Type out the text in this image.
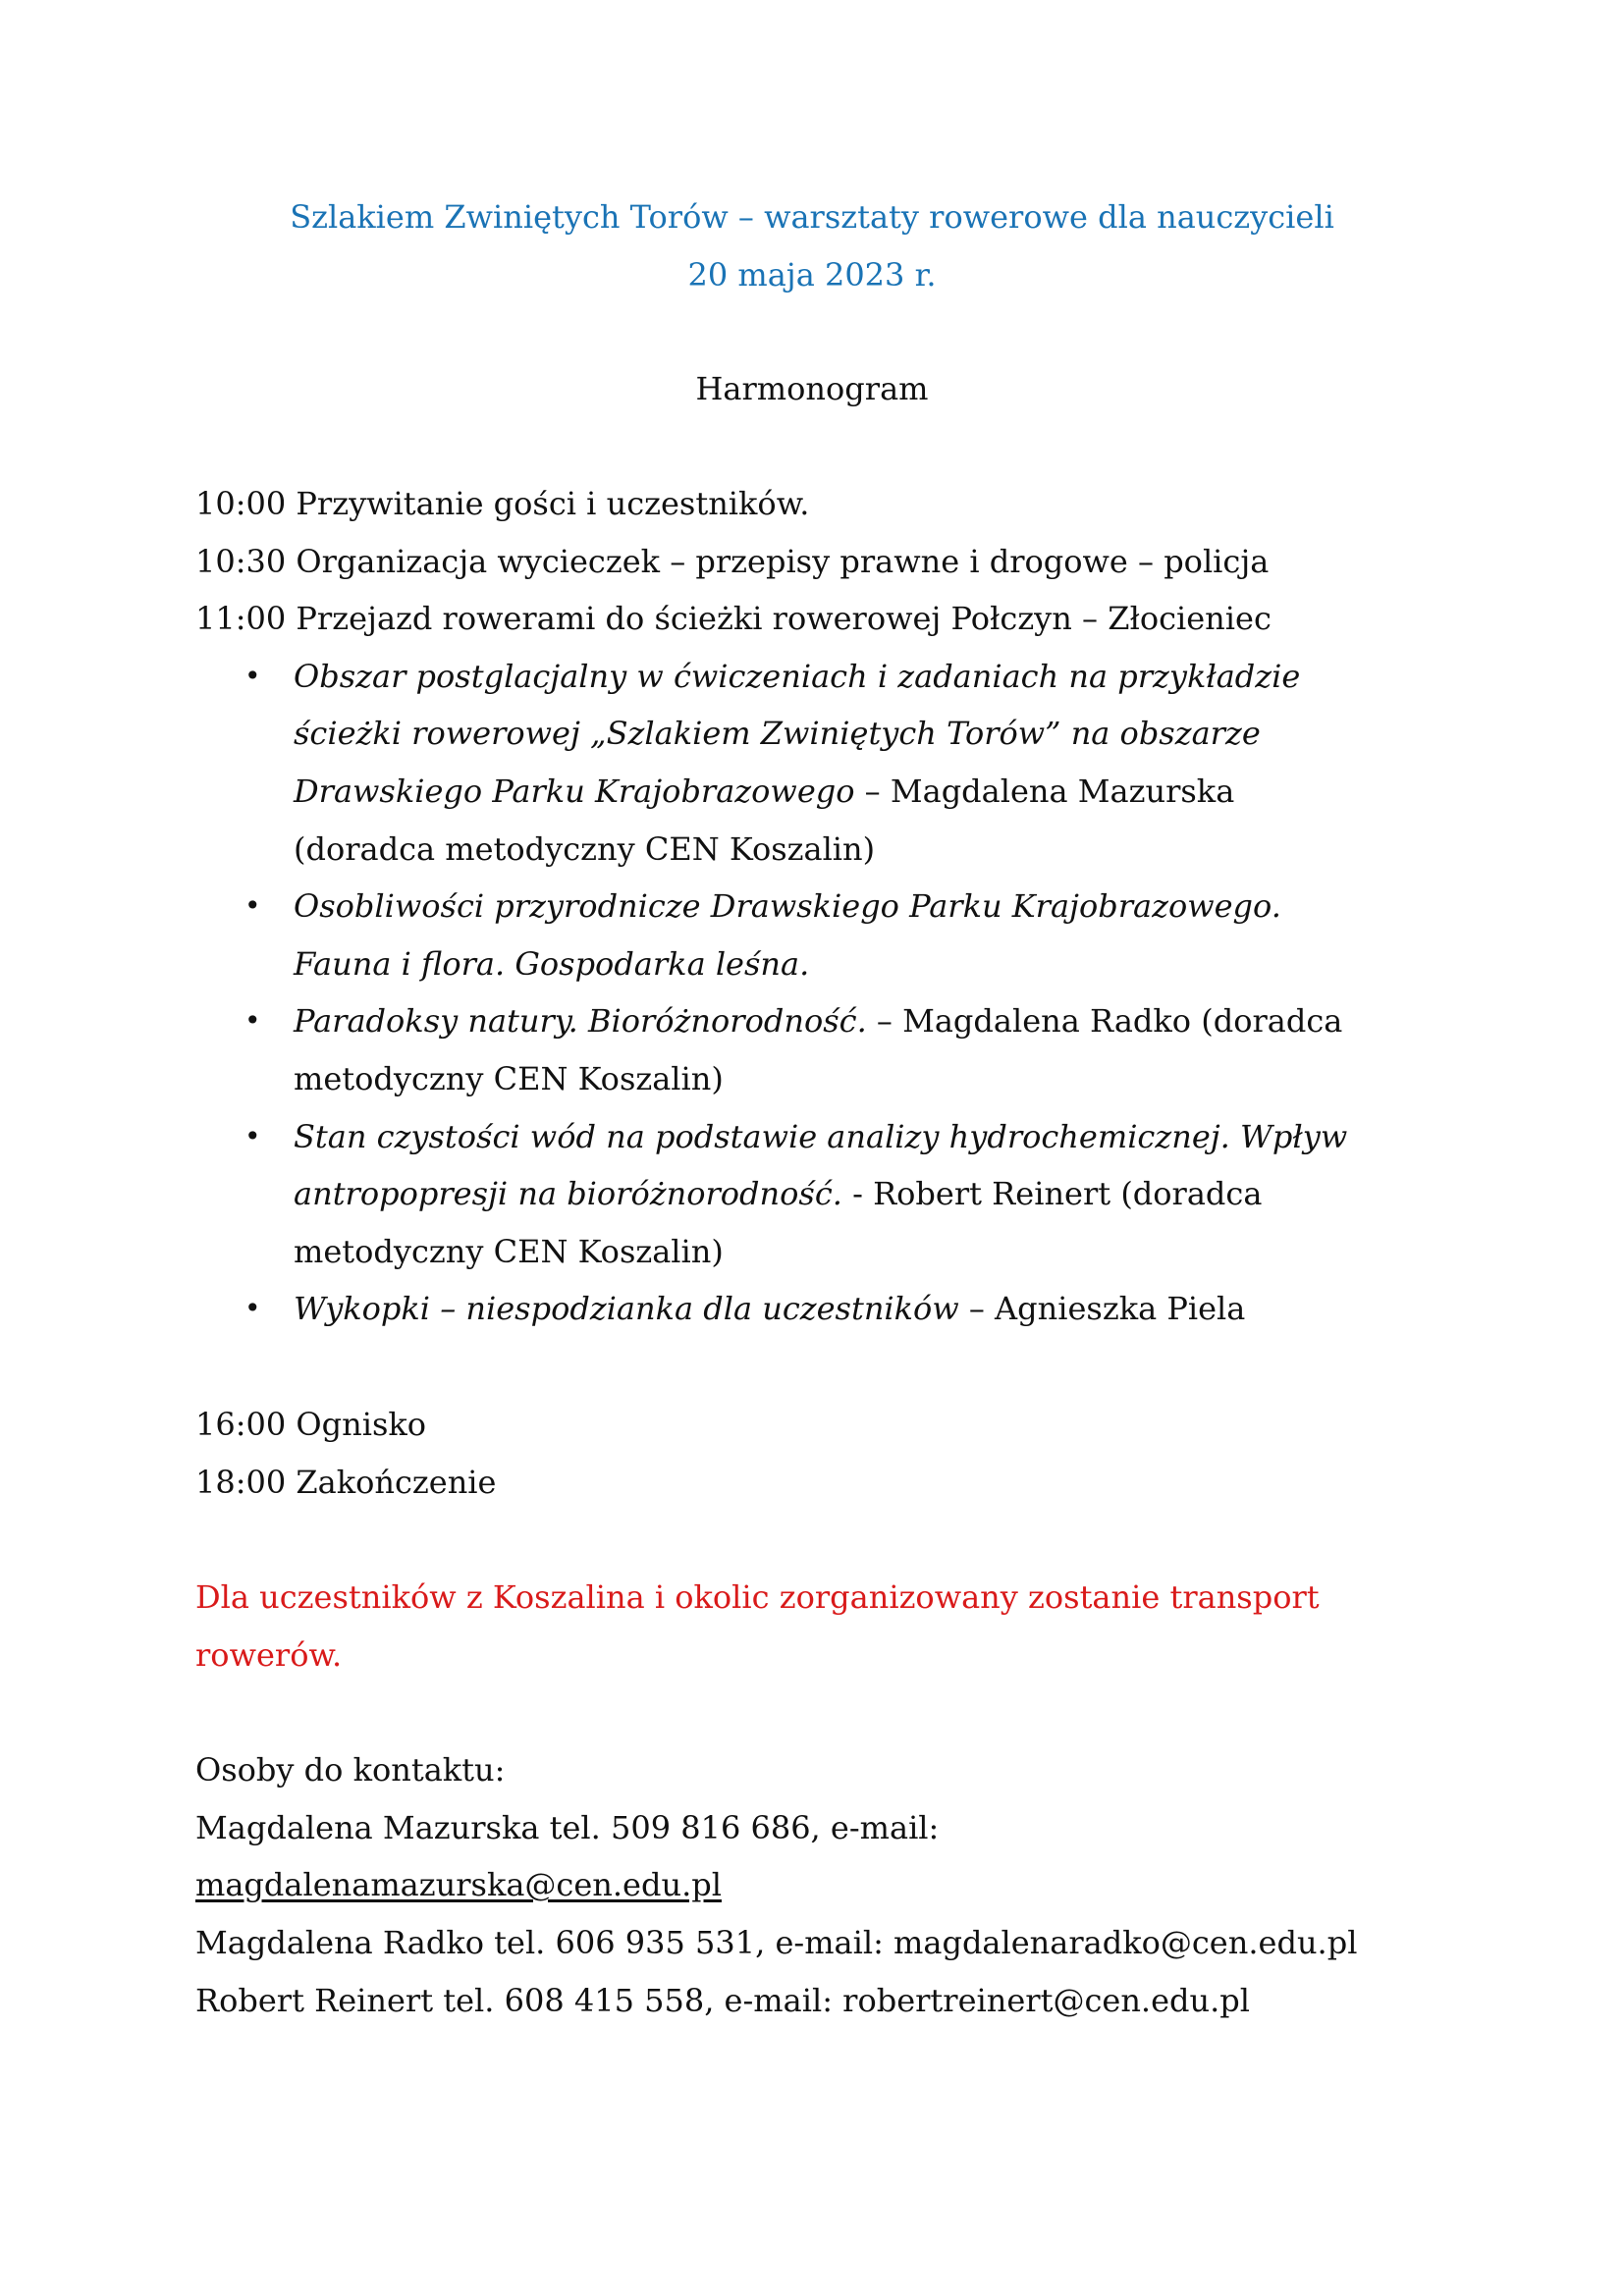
Szlakiem Zwiniętych Torów – warsztaty rowerowe dla nauczycieli
20 maja 2023 r.
Harmonogram
10:00 Przywitanie gości i uczestników.
10:30 Organizacja wycieczek – przepisy prawne i drogowe – policja
11:00 Przejazd rowerami do ścieżki rowerowej Połczyn – Złocieniec
• Obszar postglacjalny w ćwiczeniach i zadaniach na przykładzie
ścieżki rowerowej „Szlakiem Zwiniętych Torów” na obszarze
Drawskiego Parku Krajobrazowego – Magdalena Mazurska
(doradca metodyczny CEN Koszalin)
• Osobliwości przyrodnicze Drawskiego Parku Krajobrazowego.
Fauna i flora. Gospodarka leśna.
• Paradoksy natury. Bioróżnorodność. – Magdalena Radko (doradca
metodyczny CEN Koszalin)
• Stan czystości wód na podstawie analizy hydrochemicznej. Wpływ
antropopresji na bioróżnorodność. - Robert Reinert (doradca
metodyczny CEN Koszalin)
• Wykopki – niespodzianka dla uczestników – Agnieszka Piela
16:00 Ognisko
18:00 Zakończenie
Dla uczestników z Koszalina i okolic zorganizowany zostanie transport
rowerów.
Osoby do kontaktu:
Magdalena Mazurska tel. 509 816 686, e-mail:
magdalenamazurska@cen.edu.pl
Magdalena Radko tel. 606 935 531, e-mail: magdalenaradko@cen.edu.pl
Robert Reinert tel. 608 415 558, e-mail: robertreinert@cen.edu.pl
